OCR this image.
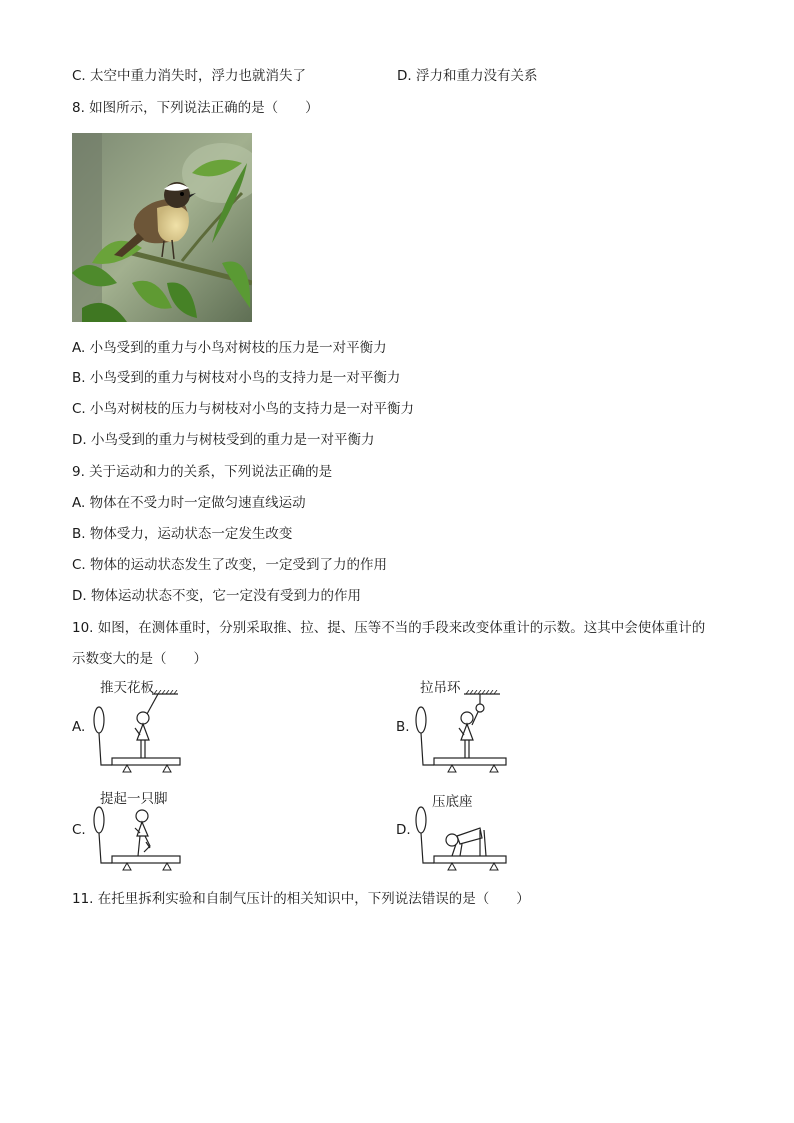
C. 太空中重力消失时，浮力也就消失了	D. 浮力和重力没有关系
8. 如图所示，下列说法正确的是（　　）
A. 小鸟受到的重力与小鸟对树枝的压力是一对平衡力
B. 小鸟受到的重力与树枝对小鸟的支持力是一对平衡力
C. 小鸟对树枝的压力与树枝对小鸟的支持力是一对平衡力
D. 小鸟受到的重力与树枝受到的重力是一对平衡力
9. 关于运动和力的关系，下列说法正确的是
A. 物体在不受力时一定做匀速直线运动
B. 物体受力，运动状态一定发生改变
C. 物体的运动状态发生了改变，一定受到了力的作用
D. 物体运动状态不变，它一定没有受到力的作用
10. 如图，在测体重时，分别采取推、拉、提、压等不当的手段来改变体重计的示数。这其中会使体重计的
示数变大的是（　　）
推天花板
A.
拉吊环
B.
提起一只脚
C.
压底座
D.
11. 在托里拆利实验和自制气压计的相关知识中，下列说法错误的是（　　）
